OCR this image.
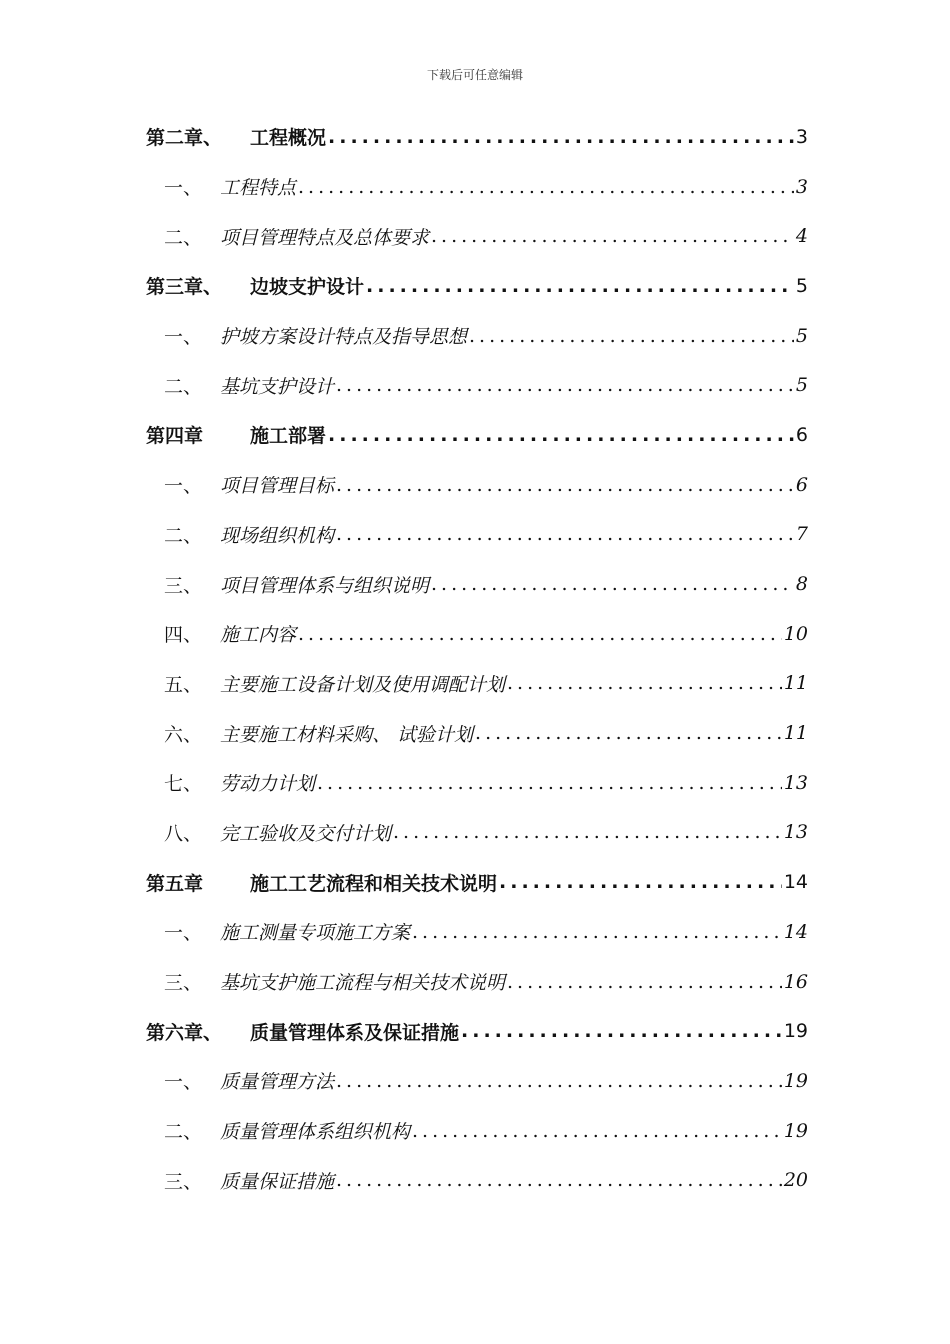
下载后可任意编辑
第二章、	工程概况 .....	3
一、 工程特点 .....	3
二、 项目管理特点及总体要求 .....	4
第三章、	边坡支护设计 .....	5
一、 护坡方案设计特点及指导思想 .....	5
二、 基坑支护设计 .....	5
第四章	施工部署 .....	6
一、 项目管理目标 .....	6
二、 现场组织机构 .....	7
三、 项目管理体系与组织说明 .....	8
四、 施工内容 .....	10
五、 主要施工设备计划及使用调配计划 .....	11
六、 主要施工材料采购、 试验计划 .....	11
七、 劳动力计划 .....	13
八、 完工验收及交付计划 .....	13
第五章	施工工艺流程和相关技术说明 .....	14
一、 施工测量专项施工方案 .....	14
三、 基坑支护施工流程与相关技术说明 .....	16
第六章、	质量管理体系及保证措施 .....	19
一、 质量管理方法 .....	19
二、 质量管理体系组织机构 .....	19
三、 质量保证措施 .....	20
